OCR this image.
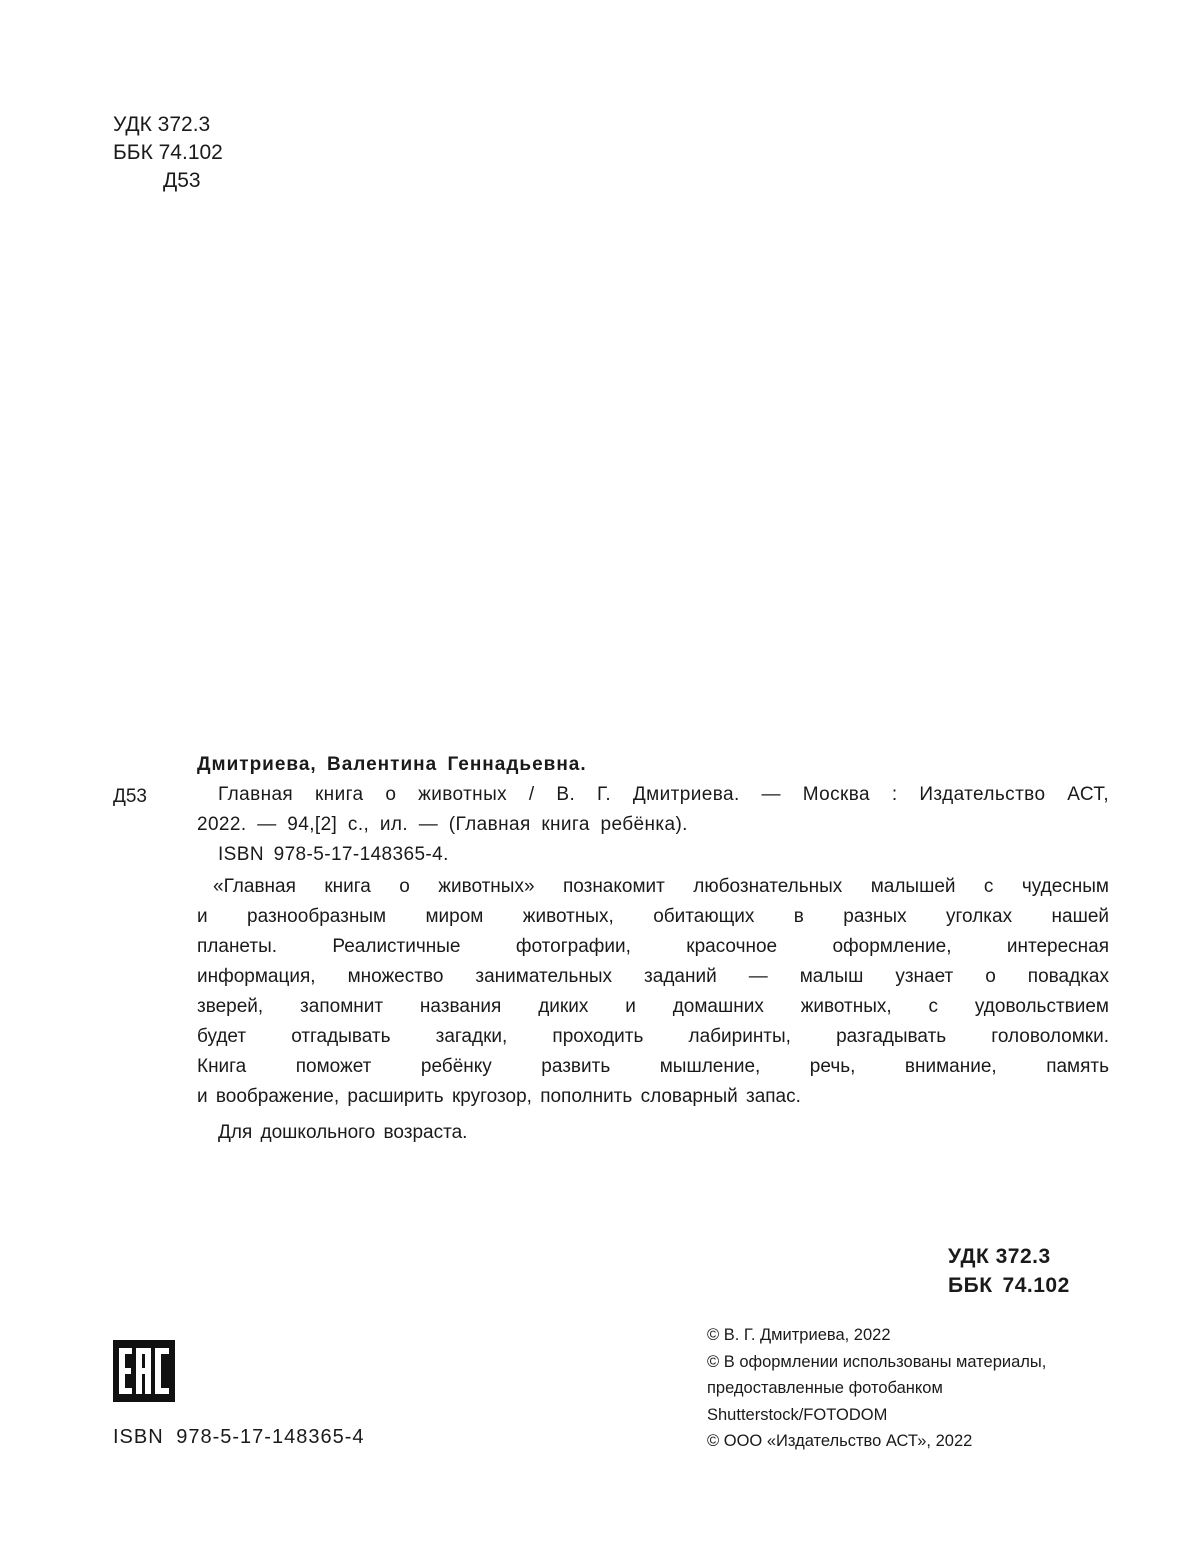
УДК 372.3
ББК 74.102
Д53
Д53

Дмитриева, Валентина Геннадьевна.

Главная книга о животных / В. Г. Дмитриева. — Москва : Издательство АСТ,

2022. — 94,[2] с., ил. — (Главная книга ребёнка).

ISBN 978-5-17-148365-4.

«Главная книга о животных» познакомит любознательных малышей с чудесным

и разнообразным миром животных, обитающих в разных уголках нашей

планеты. Реалистичные фотографии, красочное оформление, интересная

информация, множество занимательных заданий — малыш узнает о повадках

зверей, запомнит названия диких и домашних животных, с удовольствием

будет отгадывать загадки, проходить лабиринты, разгадывать головоломки.

Книга поможет ребёнку развить мышление, речь, внимание, память

и воображение, расширить кругозор, пополнить словарный запас.

Для дошкольного возраста.

УДК 372.3
ББК 74.102
© В. Г. Дмитриева, 2022
© В оформлении использованы материалы,
предоставленные фотобанком
Shutterstock/FOTODOM
© ООО «Издательство АСТ», 2022
ISBN 978-5-17-148365-4
